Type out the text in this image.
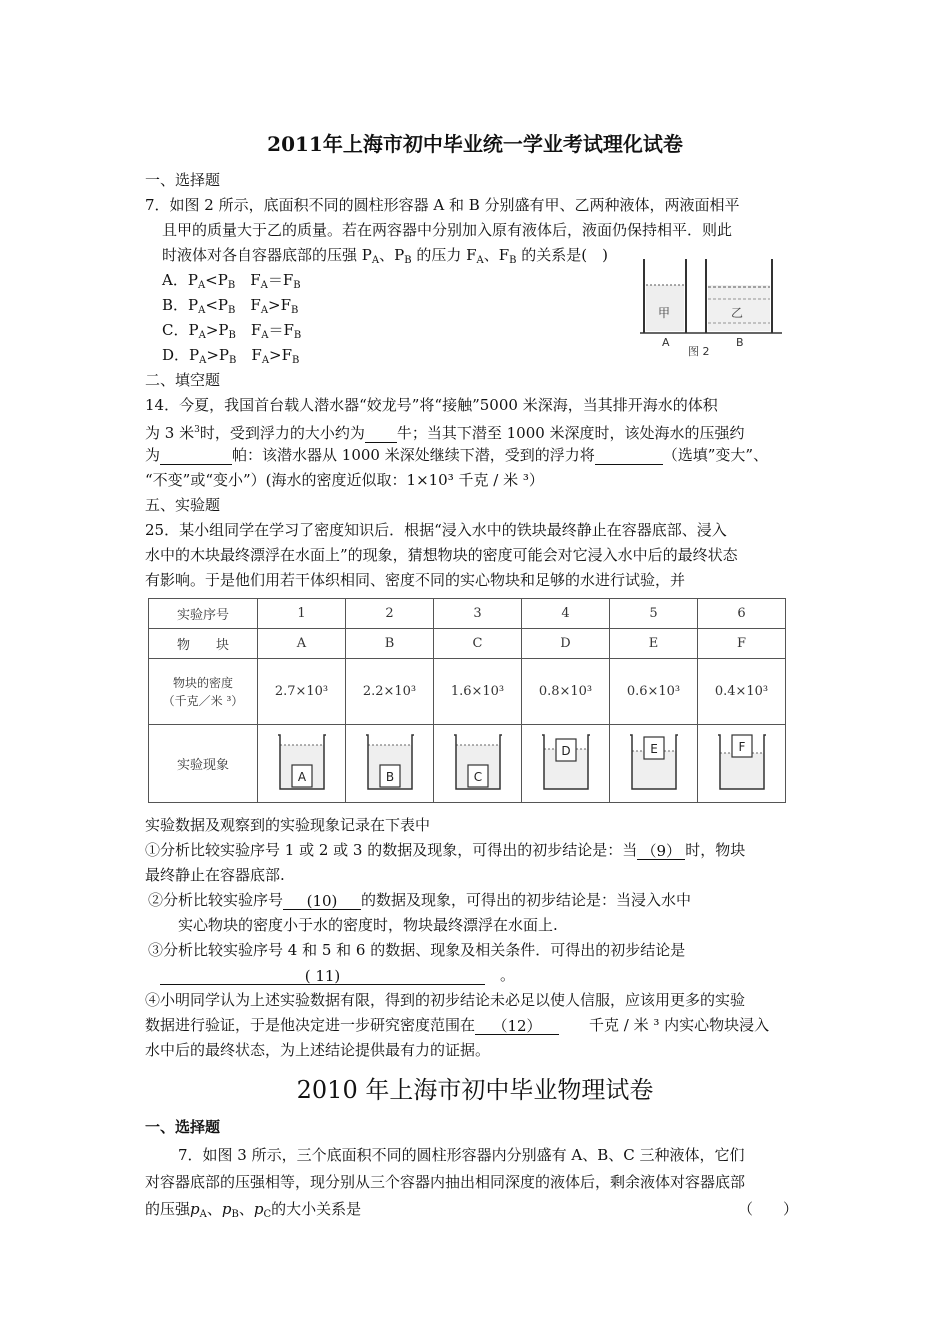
2011年上海市初中毕业统一学业考试理化试卷
一、选择题
7．如图 2 所示，底面积不同的圆柱形容器 A 和 B 分别盛有甲、乙两种液体，两液面相平
且甲的质量大于乙的质量。若在两容器中分别加入原有液体后，液面仍保持相平．则此
时液体对各自容器底部的压强 $P_A$、$P_B$ 的压力 $F_A$、$F_B$ 的关系是(　)
A．$P_A<P_B$　$F_A=F_B$
B．$P_A<P_B$　$F_A>F_B$
C．$P_A>P_B$　$F_A=F_B$
D．$P_A>P_B$　$F_A>F_B$
甲	乙
A	B
图 2
二、填空题
14．今夏，我国首台载人潜水器“姣龙号”将“接触”5000 米深海，当其排开海水的体积
为 3 米$^3$时，受到浮力的大小约为 牛；当其下潜至 1000 米深度时，该处海水的压强约
为	帕：该潜水器从 1000 米深处继续下潜，受到的浮力将	（选填”变大”、
“不变”或“变小”）(海水的密度近似取：1×10³ 千克 / 米 ³）
五、实验题
25．某小组同学在学习了密度知识后．根据“浸入水中的铁块最终静止在容器底部、浸入
水中的木块最终漂浮在水面上”的现象，猜想物块的密度可能会对它浸入水中后的最终状态
有影响。于是他们用若干体织相同、密度不同的实心物块和足够的水进行试验，并
实验序号	1	2	3	4	5	6
物　　块	A	B	C	D	E	F

物块的密度
（千克／米 ³）	2.7×10³	2.2×10³	1.6×10³	0.8×10³	0.6×10³	0.4×10³
实验现象	A	B	C	D	E	F
实验数据及观察到的实验现象记录在下表中
①分析比较实验序号 1 或 2 或 3 的数据及现象，可得出的初步结论是：当 （9） 时，物块
最终静止在容器底部.
②分析比较实验序号 (10) 的数据及现象，可得出的初步结论是：当浸入水中
实心物块的密度小于水的密度时，物块最终漂浮在水面上.
③分析比较实验序号 4 和 5 和 6 的数据、现象及相关条件．可得出的初步结论是
( 11)　	。
④小明同学认为上述实验数据有限，得到的初步结论未必足以使人信服，应该用更多的实验
数据进行验证，于是他决定进一步研究密度范围在 （12）　　	千克 / 米 ³ 内实心物块浸入
水中后的最终状态，为上述结论提供最有力的证据。
2010 年上海市初中毕业物理试卷
一、选择题
7．如图 3 所示，三个底面积不同的圆柱形容器内分别盛有 A、B、C 三种液体，它们
对容器底部的压强相等，现分别从三个容器内抽出相同深度的液体后，剩余液体对容器底部
的压强$p_A$、$p_B$、$p_C$的大小关系是	（　　）
